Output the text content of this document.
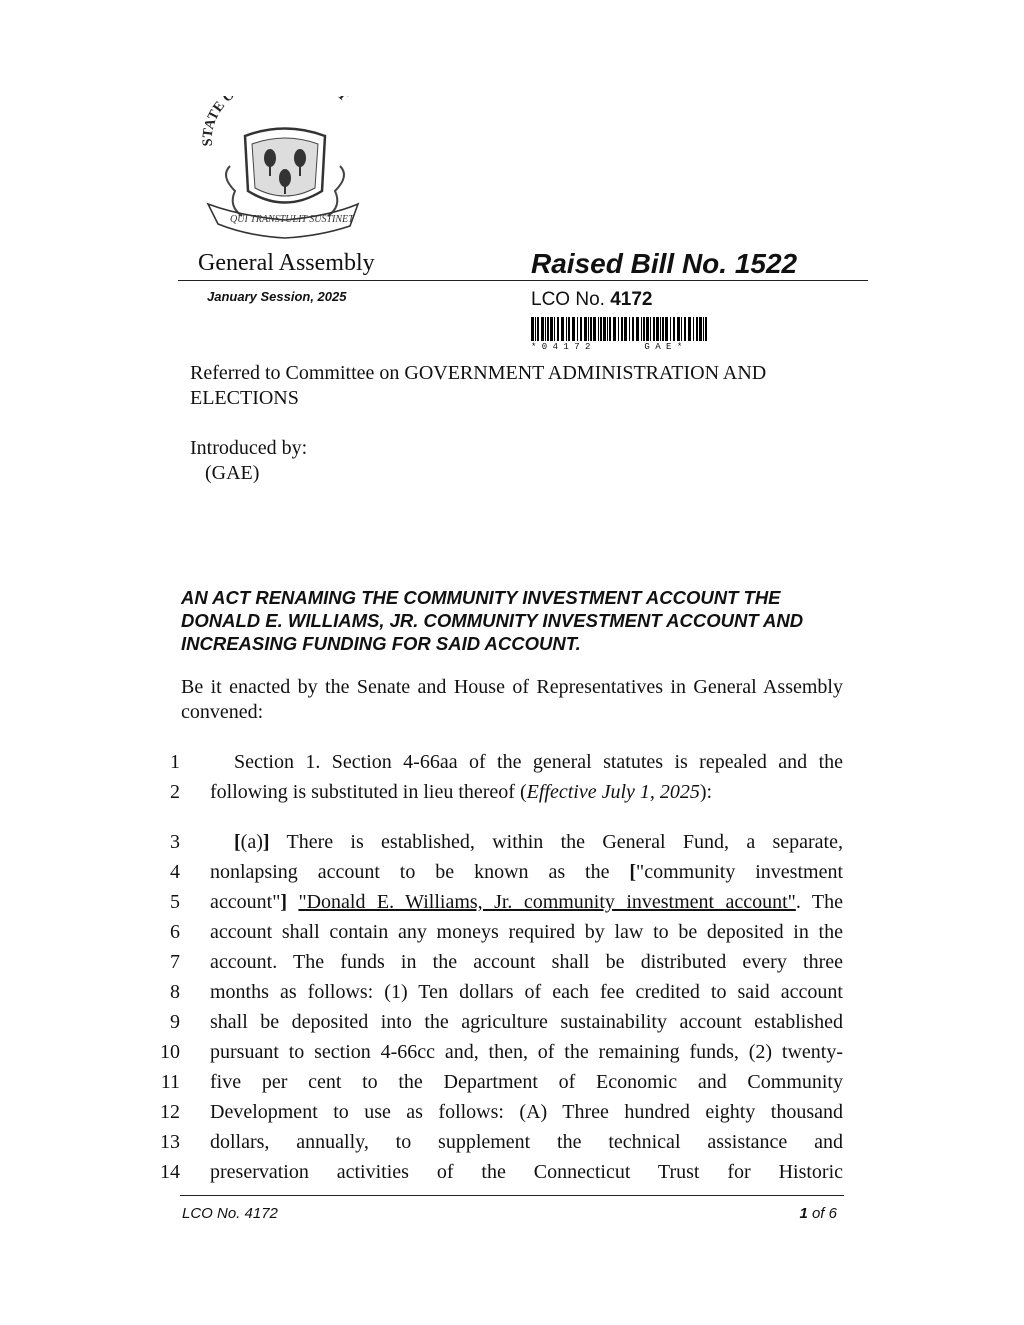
STATE O
QUI TRANSTULIT SUSTINET
General Assembly	Raised Bill No. 1522
January Session, 2025	LCO No. 4172
* 0 4 1 7 2          G A E *
Referred to Committee on GOVERNMENT ADMINISTRATION AND ELECTIONS
Introduced by:
(GAE)
AN ACT RENAMING THE COMMUNITY INVESTMENT ACCOUNT THE DONALD E. WILLIAMS, JR. COMMUNITY INVESTMENT ACCOUNT AND INCREASING FUNDING FOR SAID ACCOUNT.
Be it enacted by the Senate and House of Representatives in General Assembly convened:
1
2
3
4
5
6
7
8
9
10
11
12
13
14
Section 1. Section 4-66aa of the general statutes is repealed and the
following is substituted in lieu thereof (Effective July 1, 2025):
[(a)] There is established, within the General Fund, a separate,
nonlapsing account to be known as the ["community investment
account"] "Donald E. Williams, Jr. community investment account". The
account shall contain any moneys required by law to be deposited in the
account. The funds in the account shall be distributed every three
months as follows: (1) Ten dollars of each fee credited to said account
shall be deposited into the agriculture sustainability account established
pursuant to section 4-66cc and, then, of the remaining funds, (2) twenty-
five per cent to the Department of Economic and Community
Development to use as follows: (A) Three hundred eighty thousand
dollars, annually, to supplement the technical assistance and
preservation activities of the Connecticut Trust for Historic
LCO No. 4172	1 of 6
